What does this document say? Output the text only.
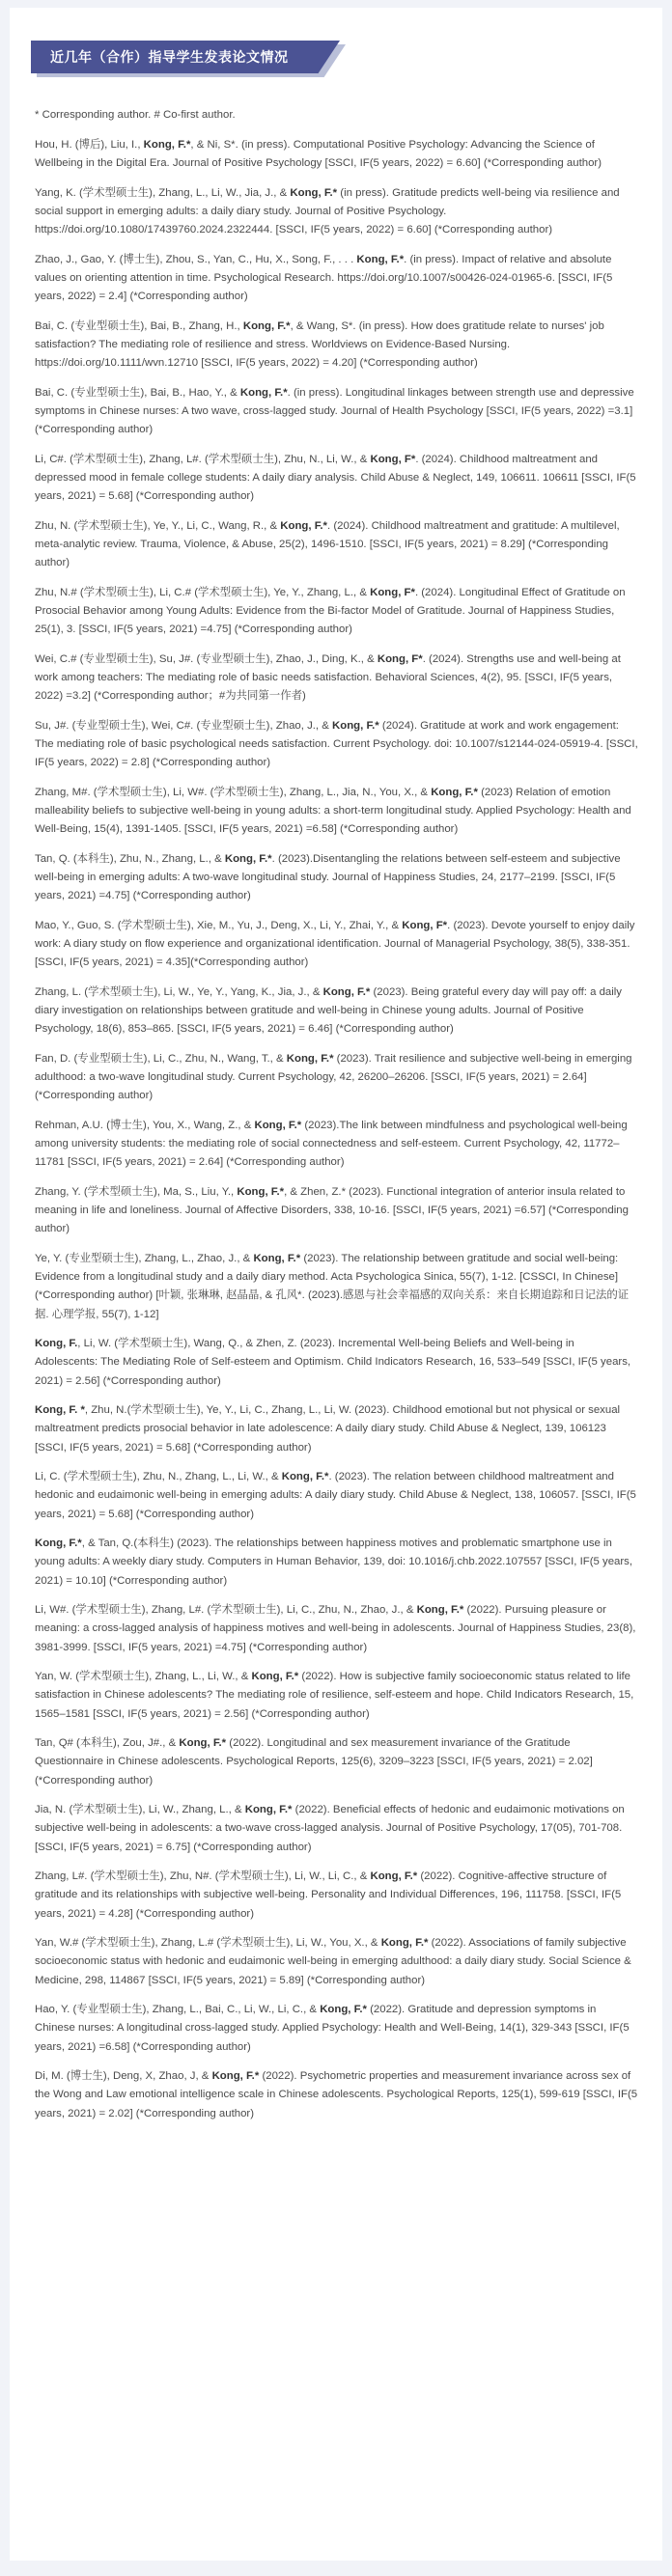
近几年（合作）指导学生发表论文情况

* Corresponding author. # Co-first author.

Hou, H. (博后), Liu, I., Kong, F.*, & Ni, S*. (in press). Computational Positive Psychology: Advancing the Science of Wellbeing in the Digital Era. Journal of Positive Psychology [SSCI, IF(5 years, 2022) = 6.60] (*Corresponding author)

Yang, K. (学术型硕士生), Zhang, L., Li, W., Jia, J., & Kong, F.* (in press). Gratitude predicts well-being via resilience and social support in emerging adults: a daily diary study. Journal of Positive Psychology. https://doi.org/10.1080/17439760.2024.2322444. [SSCI, IF(5 years, 2022) = 6.60] (*Corresponding author)

Zhao, J., Gao, Y. (博士生), Zhou, S., Yan, C., Hu, X., Song, F., . . . Kong, F.*. (in press). Impact of relative and absolute values on orienting attention in time. Psychological Research. https://doi.org/10.1007/s00426-024-01965-6. [SSCI, IF(5 years, 2022) = 2.4] (*Corresponding author)

Bai, C. (专业型硕士生), Bai, B., Zhang, H., Kong, F.*, & Wang, S*. (in press). How does gratitude relate to nurses' job satisfaction? The mediating role of resilience and stress. Worldviews on Evidence-Based Nursing. https://doi.org/10.1111/wvn.12710 [SSCI, IF(5 years, 2022) = 4.20] (*Corresponding author)

Bai, C. (专业型硕士生), Bai, B., Hao, Y., & Kong, F.*. (in press). Longitudinal linkages between strength use and depressive symptoms in Chinese nurses: A two wave, cross-lagged study. Journal of Health Psychology [SSCI, IF(5 years, 2022) =3.1] (*Corresponding author)

Li, C#. (学术型硕士生), Zhang, L#. (学术型硕士生), Zhu, N., Li, W., & Kong, F*. (2024). Childhood maltreatment and depressed mood in female college students: A daily diary analysis. Child Abuse & Neglect, 149, 106611. 106611 [SSCI, IF(5 years, 2021) = 5.68] (*Corresponding author)

Zhu, N. (学术型硕士生), Ye, Y., Li, C., Wang, R., & Kong, F.*. (2024). Childhood maltreatment and gratitude: A multilevel, meta-analytic review. Trauma, Violence, & Abuse, 25(2), 1496-1510. [SSCI, IF(5 years, 2021) = 8.29] (*Corresponding author)

Zhu, N.# (学术型硕士生), Li, C.# (学术型硕士生), Ye, Y., Zhang, L., & Kong, F*. (2024). Longitudinal Effect of Gratitude on Prosocial Behavior among Young Adults: Evidence from the Bi-factor Model of Gratitude. Journal of Happiness Studies, 25(1), 3. [SSCI, IF(5 years, 2021) =4.75] (*Corresponding author)

Wei, C.# (专业型硕士生), Su, J#. (专业型硕士生), Zhao, J., Ding, K., & Kong, F*. (2024). Strengths use and well-being at work among teachers: The mediating role of basic needs satisfaction. Behavioral Sciences, 4(2), 95. [SSCI, IF(5 years, 2022) =3.2] (*Corresponding author；#为共同第一作者)

Su, J#. (专业型硕士生), Wei, C#. (专业型硕士生), Zhao, J., & Kong, F.* (2024). Gratitude at work and work engagement: The mediating role of basic psychological needs satisfaction. Current Psychology. doi: 10.1007/s12144-024-05919-4. [SSCI, IF(5 years, 2022) = 2.8] (*Corresponding author)

Zhang, M#. (学术型硕士生), Li, W#. (学术型硕士生), Zhang, L., Jia, N., You, X., & Kong, F.* (2023) Relation of emotion malleability beliefs to subjective well-being in young adults: a short-term longitudinal study. Applied Psychology: Health and Well-Being, 15(4), 1391-1405. [SSCI, IF(5 years, 2021) =6.58] (*Corresponding author)

Tan, Q. (本科生), Zhu, N., Zhang, L., & Kong, F.*. (2023).Disentangling the relations between self-esteem and subjective well-being in emerging adults: A two-wave longitudinal study. Journal of Happiness Studies, 24, 2177–2199. [SSCI, IF(5 years, 2021) =4.75] (*Corresponding author)

Mao, Y., Guo, S. (学术型硕士生), Xie, M., Yu, J., Deng, X., Li, Y., Zhai, Y., & Kong, F*. (2023). Devote yourself to enjoy daily work: A diary study on flow experience and organizational identification. Journal of Managerial Psychology, 38(5), 338-351. [SSCI, IF(5 years, 2021) = 4.35](*Corresponding author)

Zhang, L. (学术型硕士生), Li, W., Ye, Y., Yang, K., Jia, J., & Kong, F.* (2023). Being grateful every day will pay off: a daily diary investigation on relationships between gratitude and well-being in Chinese young adults. Journal of Positive Psychology, 18(6), 853–865. [SSCI, IF(5 years, 2021) = 6.46] (*Corresponding author)

Fan, D. (专业型硕士生), Li, C., Zhu, N., Wang, T., & Kong, F.* (2023). Trait resilience and subjective well-being in emerging adulthood: a two-wave longitudinal study. Current Psychology, 42, 26200–26206. [SSCI, IF(5 years, 2021) = 2.64] (*Corresponding author)

Rehman, A.U. (博士生), You, X., Wang, Z., & Kong, F.* (2023).The link between mindfulness and psychological well-being among university students: the mediating role of social connectedness and self-esteem. Current Psychology, 42, 11772–11781 [SSCI, IF(5 years, 2021) = 2.64] (*Corresponding author)

Zhang, Y. (学术型硕士生), Ma, S., Liu, Y., Kong, F.*, & Zhen, Z.* (2023). Functional integration of anterior insula related to meaning in life and loneliness. Journal of Affective Disorders, 338, 10-16. [SSCI, IF(5 years, 2021) =6.57] (*Corresponding author)

Ye, Y. (专业型硕士生), Zhang, L., Zhao, J., & Kong, F.* (2023). The relationship between gratitude and social well-being: Evidence from a longitudinal study and a daily diary method. Acta Psychologica Sinica, 55(7), 1-12. [CSSCI, In Chinese] (*Corresponding author) [叶颖, 张琳琳, 赵晶晶, & 孔风*. (2023).感恩与社会幸福感的双向关系：来自长期追踪和日记法的证据. 心理学报, 55(7), 1-12]

Kong, F., Li, W. (学术型硕士生), Wang, Q., & Zhen, Z. (2023). Incremental Well-being Beliefs and Well-being in Adolescents: The Mediating Role of Self-esteem and Optimism. Child Indicators Research, 16, 533–549 [SSCI, IF(5 years, 2021) = 2.56] (*Corresponding author)

Kong, F. *, Zhu, N.(学术型硕士生), Ye, Y., Li, C., Zhang, L., Li, W. (2023). Childhood emotional but not physical or sexual maltreatment predicts prosocial behavior in late adolescence: A daily diary study. Child Abuse & Neglect, 139, 106123 [SSCI, IF(5 years, 2021) = 5.68] (*Corresponding author)

Li, C. (学术型硕士生), Zhu, N., Zhang, L., Li, W., & Kong, F.*. (2023). The relation between childhood maltreatment and hedonic and eudaimonic well-being in emerging adults: A daily diary study. Child Abuse & Neglect, 138, 106057. [SSCI, IF(5 years, 2021) = 5.68] (*Corresponding author)

Kong, F.*, & Tan, Q.(本科生) (2023). The relationships between happiness motives and problematic smartphone use in young adults: A weekly diary study. Computers in Human Behavior, 139, doi: 10.1016/j.chb.2022.107557 [SSCI, IF(5 years, 2021) = 10.10] (*Corresponding author)

Li, W#. (学术型硕士生), Zhang, L#. (学术型硕士生), Li, C., Zhu, N., Zhao, J., & Kong, F.* (2022). Pursuing pleasure or meaning: a cross-lagged analysis of happiness motives and well-being in adolescents. Journal of Happiness Studies, 23(8), 3981-3999. [SSCI, IF(5 years, 2021) =4.75] (*Corresponding author)

Yan, W. (学术型硕士生), Zhang, L., Li, W., & Kong, F.* (2022). How is subjective family socioeconomic status related to life satisfaction in Chinese adolescents? The mediating role of resilience, self-esteem and hope. Child Indicators Research, 15, 1565–1581 [SSCI, IF(5 years, 2021) = 2.56] (*Corresponding author)

Tan, Q# (本科生), Zou, J#., & Kong, F.* (2022). Longitudinal and sex measurement invariance of the Gratitude Questionnaire in Chinese adolescents. Psychological Reports, 125(6), 3209–3223 [SSCI, IF(5 years, 2021) = 2.02] (*Corresponding author)

Jia, N. (学术型硕士生), Li, W., Zhang, L., & Kong, F.* (2022). Beneficial effects of hedonic and eudaimonic motivations on subjective well-being in adolescents: a two-wave cross-lagged analysis. Journal of Positive Psychology, 17(05), 701-708. [SSCI, IF(5 years, 2021) = 6.75] (*Corresponding author)

Zhang, L#. (学术型硕士生), Zhu, N#. (学术型硕士生), Li, W., Li, C., & Kong, F.* (2022). Cognitive-affective structure of gratitude and its relationships with subjective well-being. Personality and Individual Differences, 196, 111758. [SSCI, IF(5 years, 2021) = 4.28] (*Corresponding author)

Yan, W.# (学术型硕士生), Zhang, L.# (学术型硕士生), Li, W., You, X., & Kong, F.* (2022). Associations of family subjective socioeconomic status with hedonic and eudaimonic well-being in emerging adulthood: a daily diary study. Social Science & Medicine, 298, 114867 [SSCI, IF(5 years, 2021) = 5.89] (*Corresponding author)

Hao, Y. (专业型硕士生), Zhang, L., Bai, C., Li, W., Li, C., & Kong, F.* (2022). Gratitude and depression symptoms in Chinese nurses: A longitudinal cross-lagged study. Applied Psychology: Health and Well-Being, 14(1), 329-343 [SSCI, IF(5 years, 2021) =6.58] (*Corresponding author)

Di, M. (博士生), Deng, X, Zhao, J, & Kong, F.* (2022). Psychometric properties and measurement invariance across sex of the Wong and Law emotional intelligence scale in Chinese adolescents. Psychological Reports, 125(1), 599-619 [SSCI, IF(5 years, 2021) = 2.02] (*Corresponding author)
